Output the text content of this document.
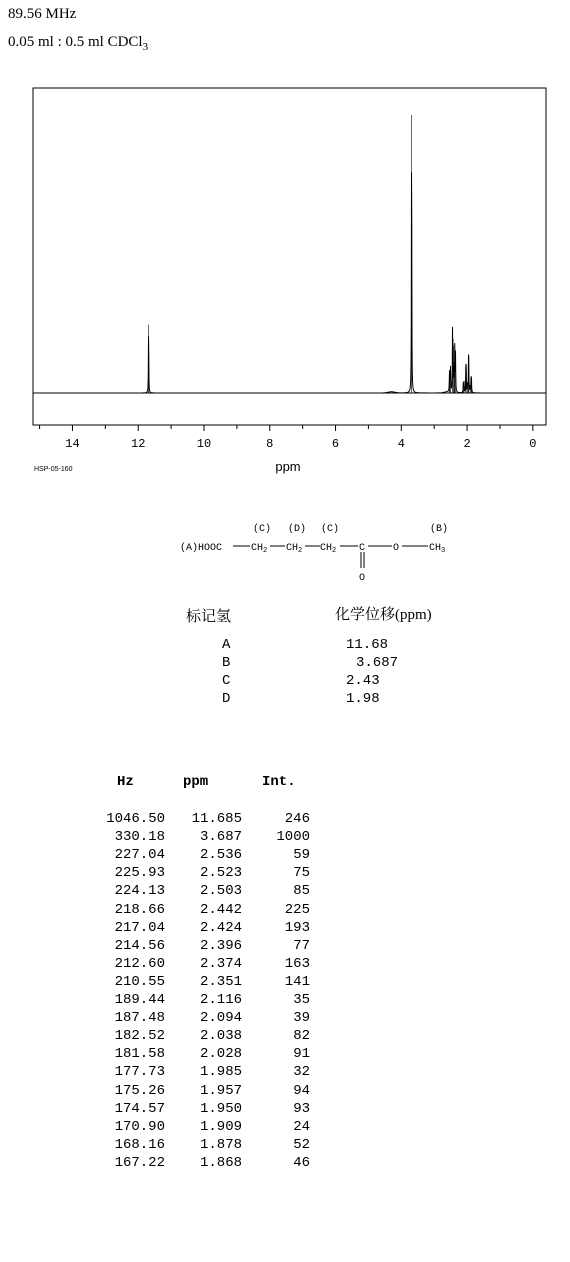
89.56 MHz
0.05 ml : 0.5 ml CDCl$_3$
14	12	10	8	6	4	2	0
ppm
HSP-05-160
(C) (D) (C)	(B)
(A)HOOC	$CH_2$ $CH_2$ $CH_2$ C	O	$CH_3$
O
标记氢	化学位移(ppm)
A	11.68
B	3.687
C	2.43
D	1.98
Hz	ppm	Int.
1046.50 11.685	246
330.18 3.687 1000
227.04 2.536	59
225.93 2.523	75
224.13 2.503	85
218.66 2.442	225
217.04 2.424	193
214.56 2.396	77
212.60 2.374	163
210.55 2.351	141
189.44 2.116	35
187.48 2.094	39
182.52 2.038	82
181.58 2.028	91
177.73 1.985	32
175.26 1.957	94
174.57 1.950	93
170.90 1.909	24
168.16 1.878	52
167.22 1.868	46
